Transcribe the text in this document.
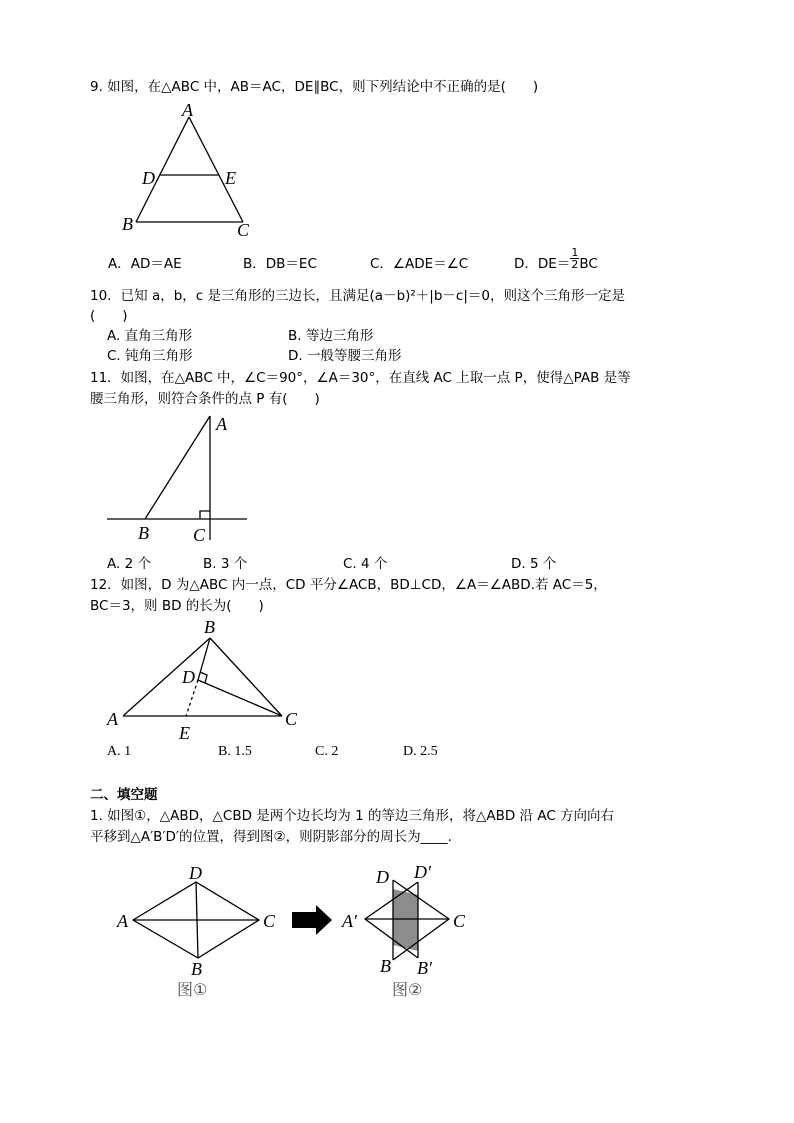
9. 如图，在△ABC 中，AB＝AC，DE∥BC，则下列结论中不正确的是(　　)
A
D	E
B	C
A．AD＝AE	B．DB＝EC	C．∠ADE＝∠C	D．$DE= \frac{1}{2}$ BC
10．已知 a，b，c 是三角形的三边长，且满足(a－b)²＋|b－c|＝0，则这个三角形一定是
(　　)
A. 直角三角形	B. 等边三角形
C. 钝角三角形	D. 一般等腰三角形
11．如图，在△ABC 中，∠C＝90°，∠A＝30°，在直线 AC 上取一点 P，使得△PAB 是等
腰三角形，则符合条件的点 P 有(　　)
A
B C
A. 2 个	B. 3 个	C. 4 个	D. 5 个
12．如图，D 为△ABC 内一点，CD 平分∠ACB，BD⊥CD，∠A＝∠ABD.若 AC＝5，
BC＝3，则 BD 的长为(　　)
B
D
A	C
E
A. 1	B. 1.5	C. 2	D. 2.5
二、填空题
1. 如图①，△ABD，△CBD 是两个边长均为 1 的等边三角形，将△ABD 沿 AC 方向向右
平移到△A′B′D′的位置，得到图②，则阴影部分的周长为____.
D
A	C
B
图①
D D′
A′	C
B B′
图②
